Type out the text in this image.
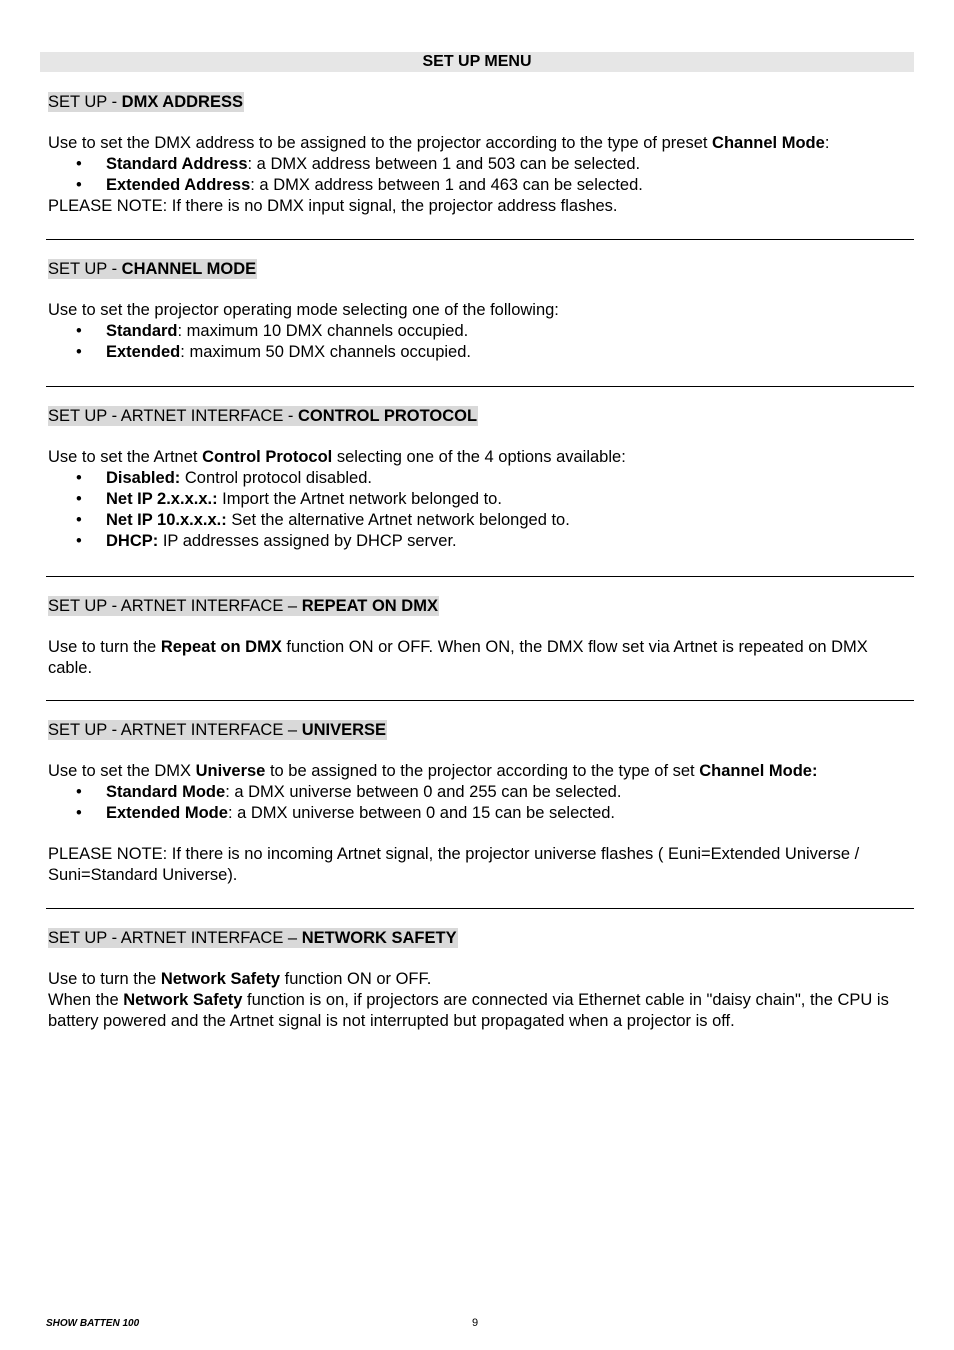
SET UP MENU
SET UP - DMX ADDRESS

Use to set the DMX address to be assigned to the projector according to the type of preset Channel Mode:

• Standard Address: a DMX address between 1 and 503 can be selected.
• Extended Address: a DMX address between 1 and 463 can be selected.

PLEASE NOTE: If there is no DMX input signal, the projector address flashes.

SET UP - CHANNEL MODE

Use to set the projector operating mode selecting one of the following:

• Standard: maximum 10 DMX channels occupied.
• Extended: maximum 50 DMX channels occupied.
SET UP - ARTNET INTERFACE - CONTROL PROTOCOL

Use to set the Artnet Control Protocol selecting one of the 4 options available:

• Disabled: Control protocol disabled.
• Net IP 2.x.x.x.: Import the Artnet network belonged to.
• Net IP 10.x.x.x.: Set the alternative Artnet network belonged to.
• DHCP: IP addresses assigned by DHCP server.
SET UP - ARTNET INTERFACE – REPEAT ON DMX

Use to turn the Repeat on DMX function ON or OFF. When ON, the DMX flow set via Artnet is repeated on DMX cable.

SET UP - ARTNET INTERFACE – UNIVERSE

Use to set the DMX Universe to be assigned to the projector according to the type of set Channel Mode:

• Standard Mode: a DMX universe between 0 and 255 can be selected.
• Extended Mode: a DMX universe between 0 and 15 can be selected.

PLEASE NOTE: If there is no incoming Artnet signal, the projector universe flashes ( Euni=Extended Universe / Suni=Standard Universe).

SET UP - ARTNET INTERFACE – NETWORK SAFETY

Use to turn the Network Safety function ON or OFF.

When the Network Safety function is on, if projectors are connected via Ethernet cable in "daisy chain", the CPU is battery powered and the Artnet signal is not interrupted but propagated when a projector is off.

SHOW BATTEN 100	9
